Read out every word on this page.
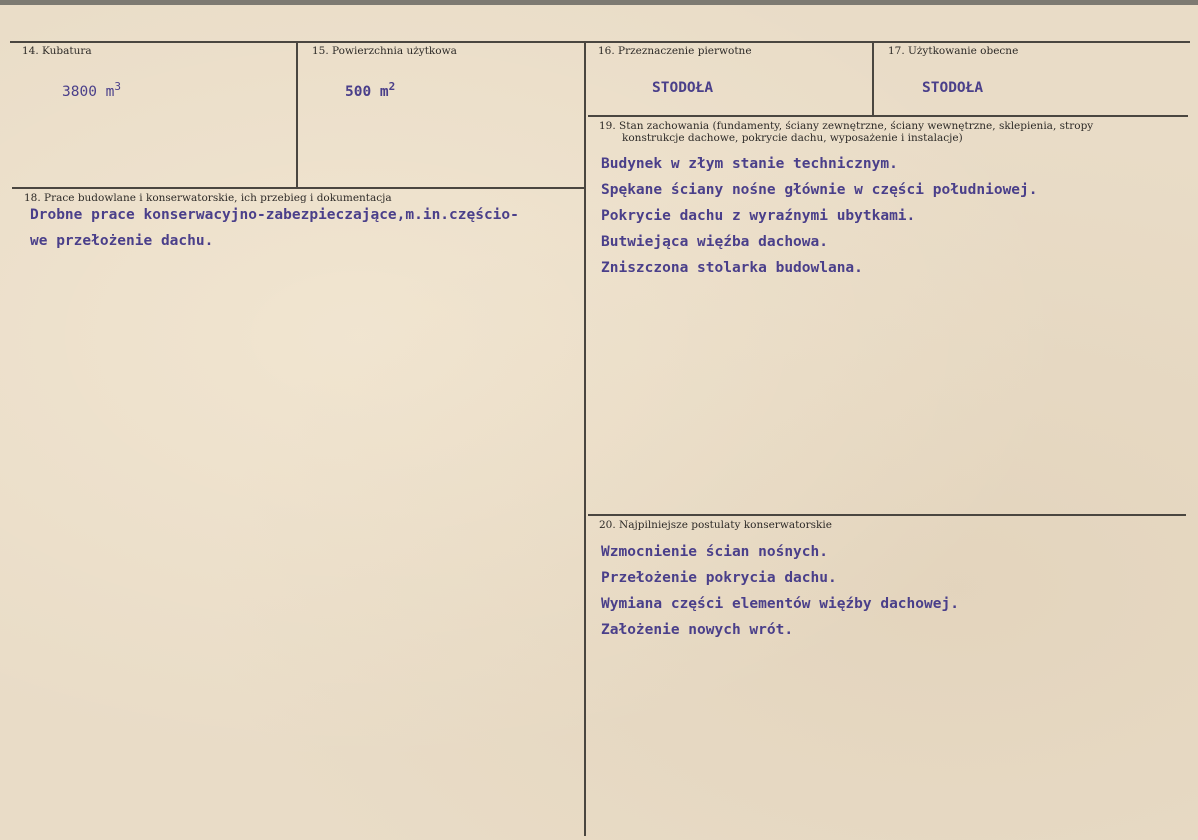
14. Kubatura
3800 $m^3$
15. Powierzchnia użytkowa
500 $m^2$
16. Przeznaczenie pierwotne
STODOŁA
17. Użytkowanie obecne
STODOŁA
19. Stan zachowania (fundamenty, ściany zewnętrzne, ściany wewnętrzne, sklepienia, stropy
konstrukcje dachowe, pokrycie dachu, wyposażenie i instalacje)
Budynek w złym stanie technicznym.
Spękane ściany nośne głównie w części południowej.
Pokrycie dachu z wyraźnymi ubytkami.
Butwiejąca więźba dachowa.
Zniszczona stolarka budowlana.
18. Prace budowlane i konserwatorskie, ich przebieg i dokumentacja
Drobne prace konserwacyjno-zabezpieczające,m.in.częścio-
we przełożenie dachu.
20. Najpilniejsze postulaty konserwatorskie
Wzmocnienie ścian nośnych.
Przełożenie pokrycia dachu.
Wymiana części elementów więźby dachowej.
Założenie nowych wrót.
